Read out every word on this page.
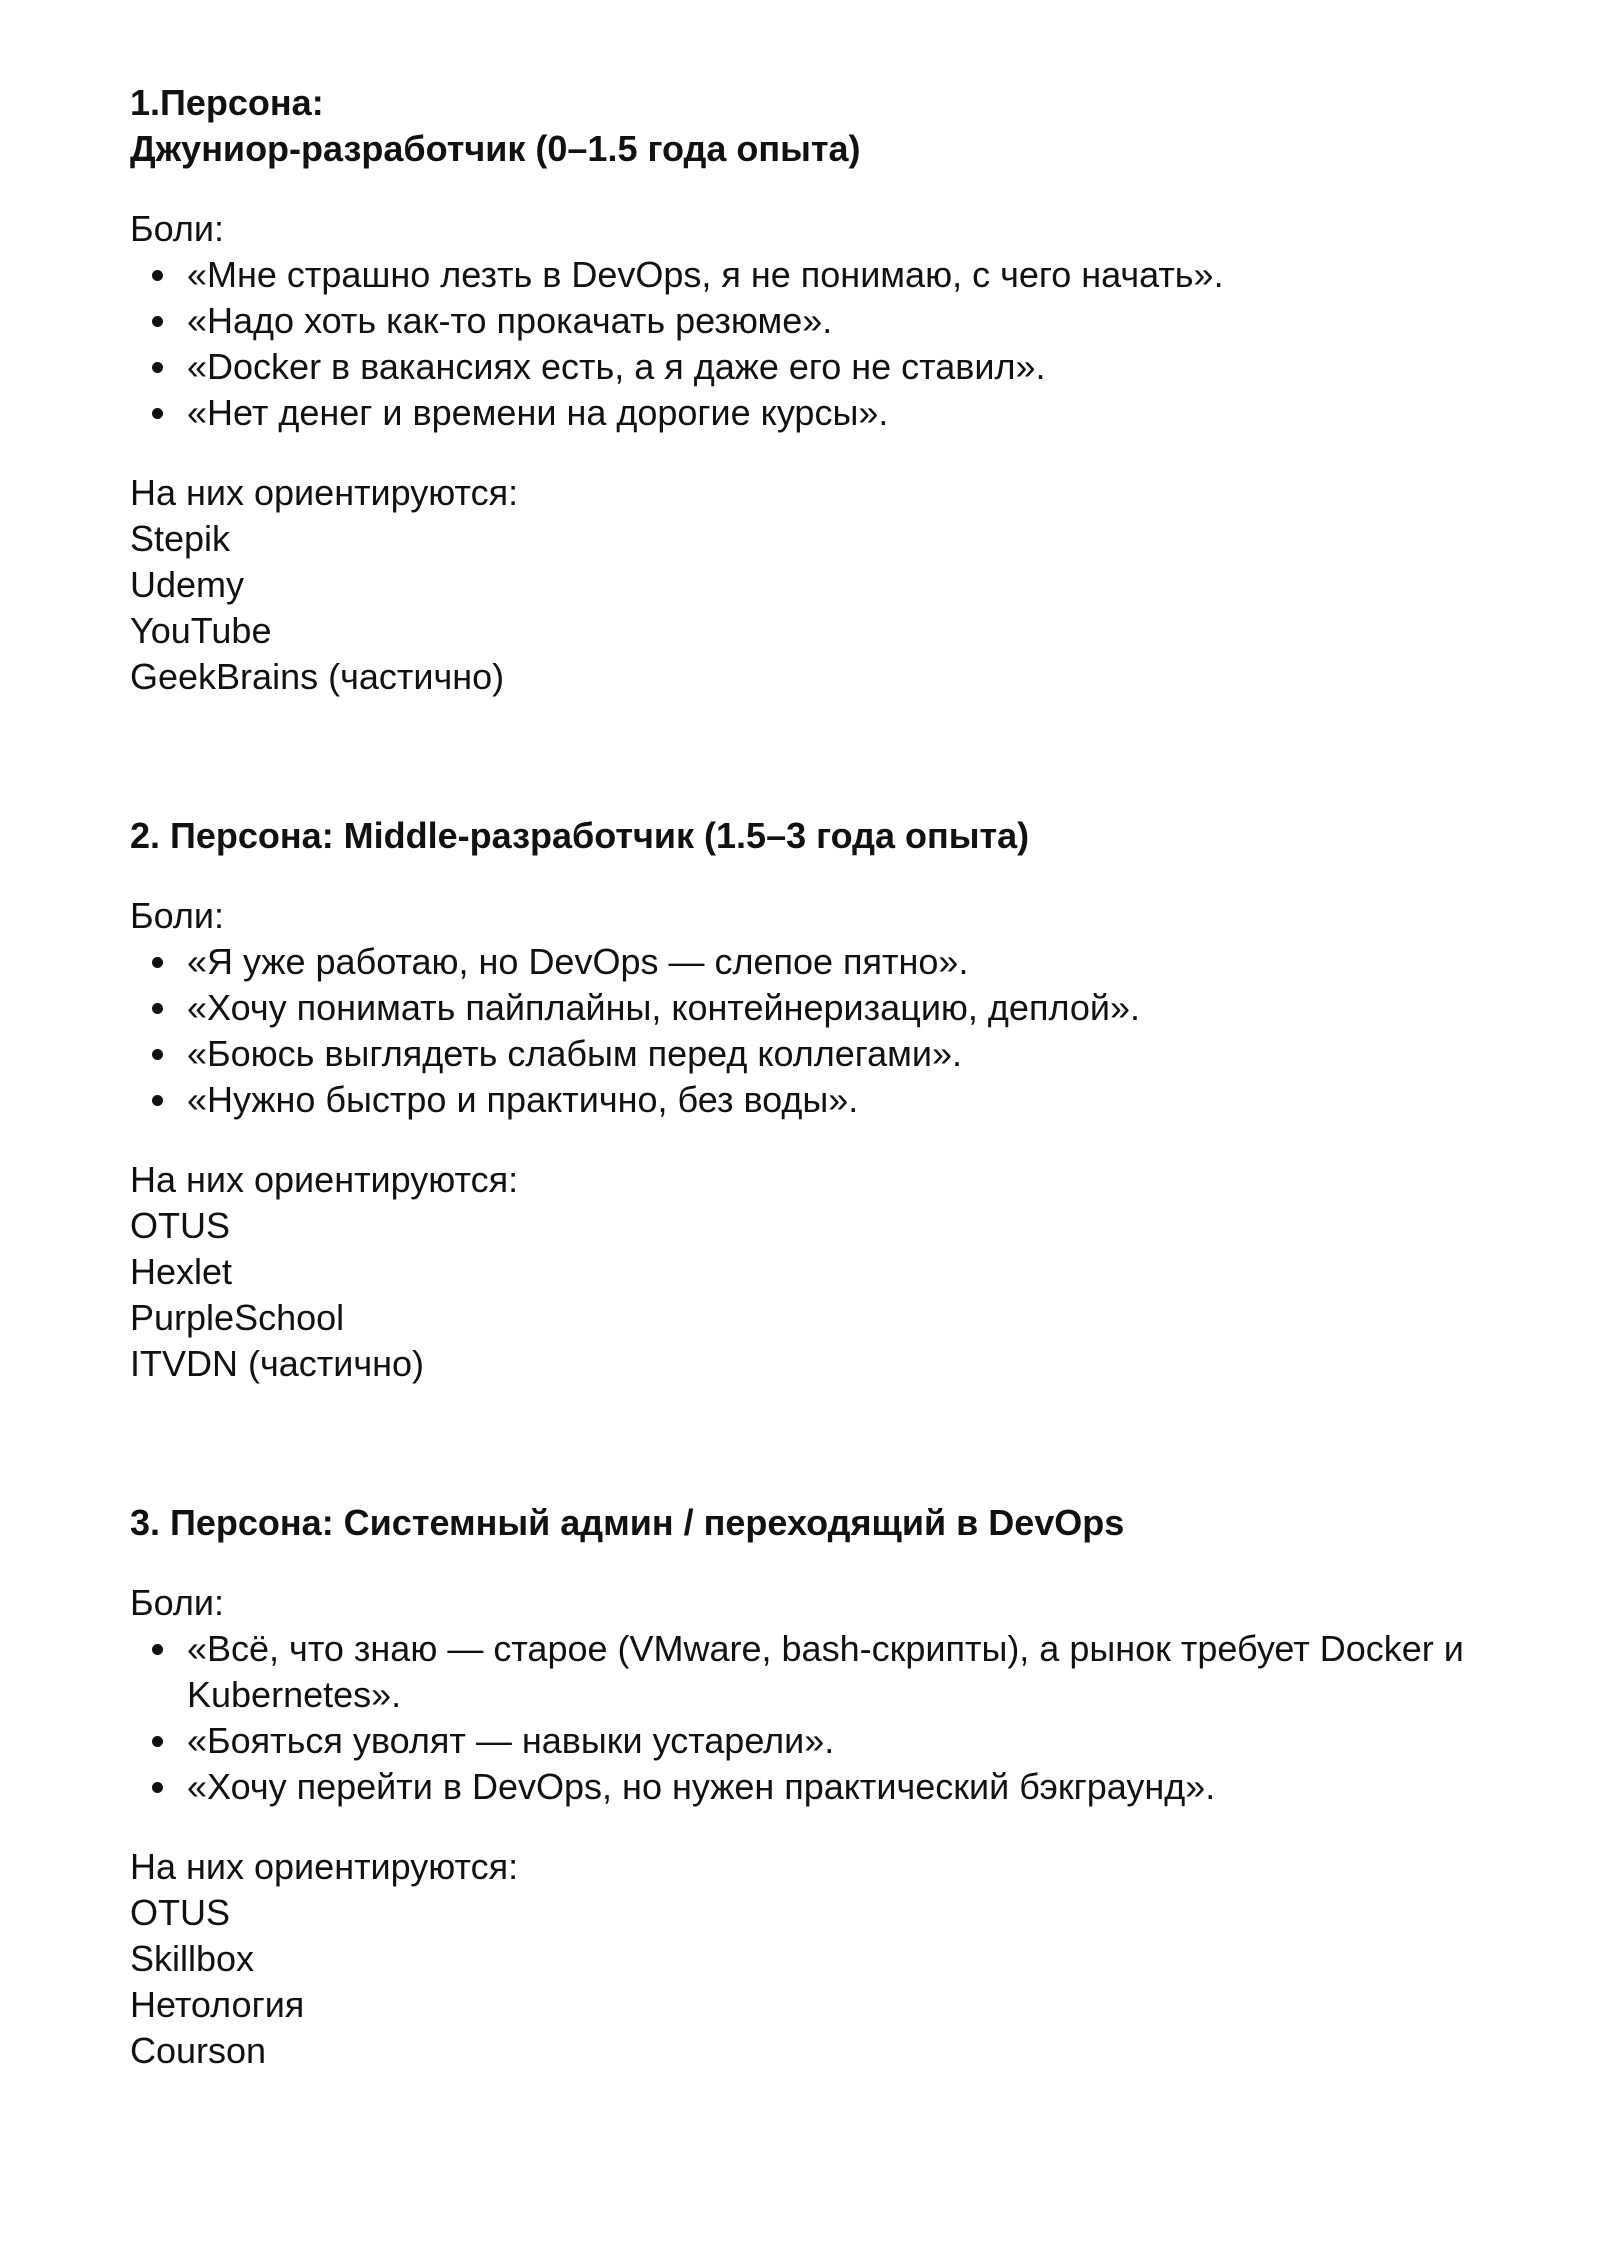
1.Персона:

Джуниор-разработчик (0–1.5 года опыта)

Боли:

«Мне страшно лезть в DevOps, я не понимаю, с чего начать».
«Надо хоть как-то прокачать резюме».
«Docker в вакансиях есть, а я даже его не ставил».
«Нет денег и времени на дорогие курсы».

На них ориентируются:

Stepik

Udemy

YouTube

GeekBrains (частично)

2. Персона: Middle-разработчик (1.5–3 года опыта)

Боли:

«Я уже работаю, но DevOps — слепое пятно».
«Хочу понимать пайплайны, контейнеризацию, деплой».
«Боюсь выглядеть слабым перед коллегами».
«Нужно быстро и практично, без воды».

На них ориентируются:

OTUS

Hexlet

PurpleSchool

ITVDN (частично)

3. Персона: Системный админ / переходящий в DevOps

Боли:

«Всё, что знаю — старое (VMware, bash-скрипты), а рынок требует Docker и Kubernetes».
«Бояться уволят — навыки устарели».
«Хочу перейти в DevOps, но нужен практический бэкграунд».

На них ориентируются:

OTUS

Skillbox

Нетология

Courson
